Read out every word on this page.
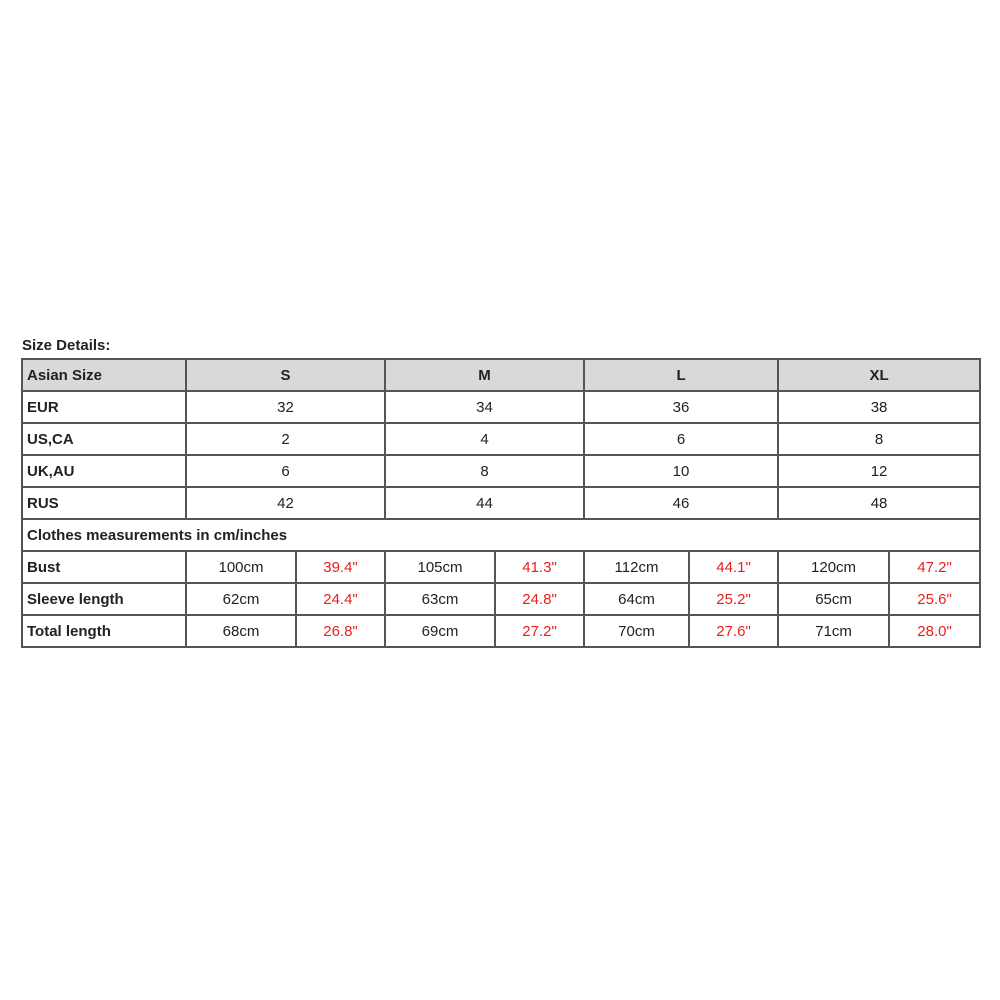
Size Details:
Asian Size	S		M		L		XL	
EUR	32		34		36		38	
US,CA	2		4		6		8	
UK,AU	6		8		10		12	
RUS	42		44		46		48	
Clothes measurements in cm/inches								
Bust	100cm	39.4"	105cm	41.3"	112cm	44.1"	120cm	47.2"
Sleeve length	62cm	24.4"	63cm	24.8"	64cm	25.2"	65cm	25.6"
Total length	68cm	26.8"	69cm	27.2"	70cm	27.6"	71cm	28.0"
